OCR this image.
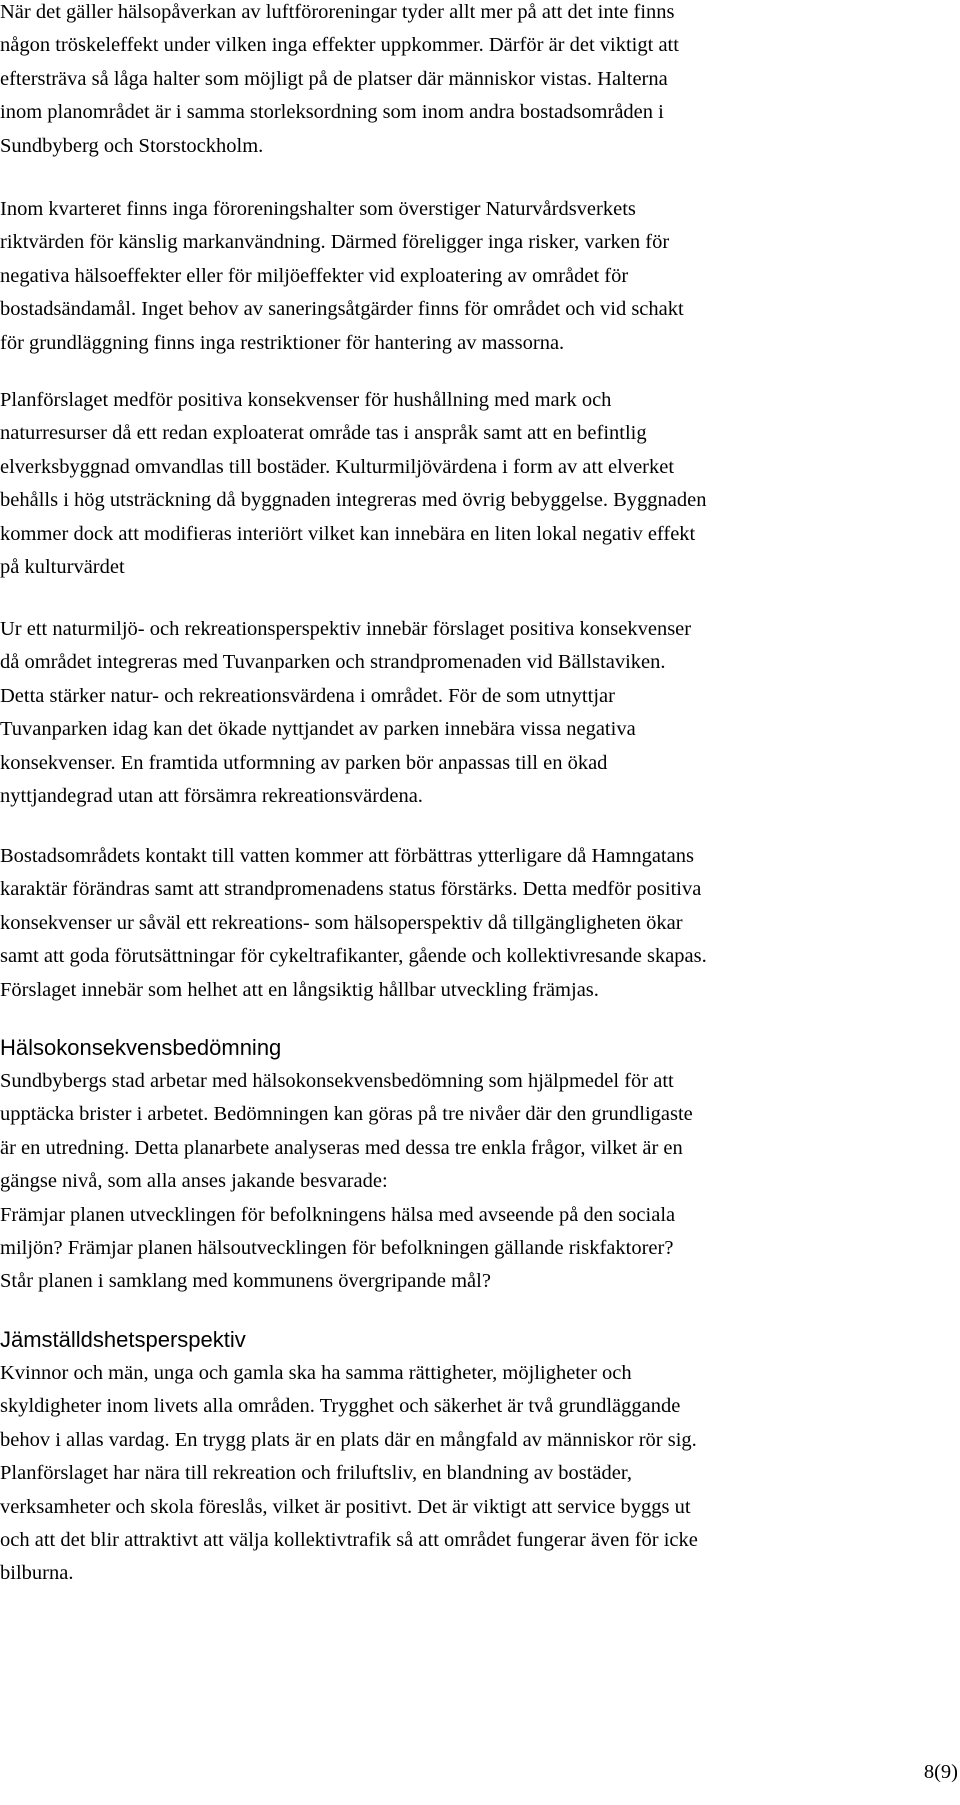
När det gäller hälsopåverkan av luftföroreningar tyder allt mer på att det inte finns
någon tröskeleffekt under vilken inga effekter uppkommer. Därför är det viktigt att
eftersträva så låga halter som möjligt på de platser där människor vistas. Halterna
inom planområdet är i samma storleksordning som inom andra bostadsområden i
Sundbyberg och Storstockholm.

Inom kvarteret finns inga föroreningshalter som överstiger Naturvårdsverkets
riktvärden för känslig markanvändning. Därmed föreligger inga risker, varken för
negativa hälsoeffekter eller för miljöeffekter vid exploatering av området för
bostadsändamål. Inget behov av saneringsåtgärder finns för området och vid schakt
för grundläggning finns inga restriktioner för hantering av massorna.

Planförslaget medför positiva konsekvenser för hushållning med mark och
naturresurser då ett redan exploaterat område tas i anspråk samt att en befintlig
elverksbyggnad omvandlas till bostäder. Kulturmiljövärdena i form av att elverket
behålls i hög utsträckning då byggnaden integreras med övrig bebyggelse. Byggnaden
kommer dock att modifieras interiört vilket kan innebära en liten lokal negativ effekt
på kulturvärdet

Ur ett naturmiljö- och rekreationsperspektiv innebär förslaget positiva konsekvenser
då området integreras med Tuvanparken och strandpromenaden vid Bällstaviken.
Detta stärker natur- och rekreationsvärdena i området. För de som utnyttjar
Tuvanparken idag kan det ökade nyttjandet av parken innebära vissa negativa
konsekvenser. En framtida utformning av parken bör anpassas till en ökad
nyttjandegrad utan att försämra rekreationsvärdena.

Bostadsområdets kontakt till vatten kommer att förbättras ytterligare då Hamngatans
karaktär förändras samt att strandpromenadens status förstärks. Detta medför positiva
konsekvenser ur såväl ett rekreations- som hälsoperspektiv då tillgängligheten ökar
samt att goda förutsättningar för cykeltrafikanter, gående och kollektivresande skapas.
Förslaget innebär som helhet att en långsiktig hållbar utveckling främjas.

Hälsokonsekvensbedömning

Sundbybergs stad arbetar med hälsokonsekvensbedömning som hjälpmedel för att
upptäcka brister i arbetet. Bedömningen kan göras på tre nivåer där den grundligaste
är en utredning. Detta planarbete analyseras med dessa tre enkla frågor, vilket är en
gängse nivå, som alla anses jakande besvarade:
Främjar planen utvecklingen för befolkningens hälsa med avseende på den sociala
miljön? Främjar planen hälsoutvecklingen för befolkningen gällande riskfaktorer?
Står planen i samklang med kommunens övergripande mål?

Jämställdshetsperspektiv

Kvinnor och män, unga och gamla ska ha samma rättigheter, möjligheter och
skyldigheter inom livets alla områden. Trygghet och säkerhet är två grundläggande
behov i allas vardag. En trygg plats är en plats där en mångfald av människor rör sig.
Planförslaget har nära till rekreation och friluftsliv, en blandning av bostäder,
verksamheter och skola föreslås, vilket är positivt. Det är viktigt att service byggs ut
och att det blir attraktivt att välja kollektivtrafik så att området fungerar även för icke
bilburna.

8(9)
